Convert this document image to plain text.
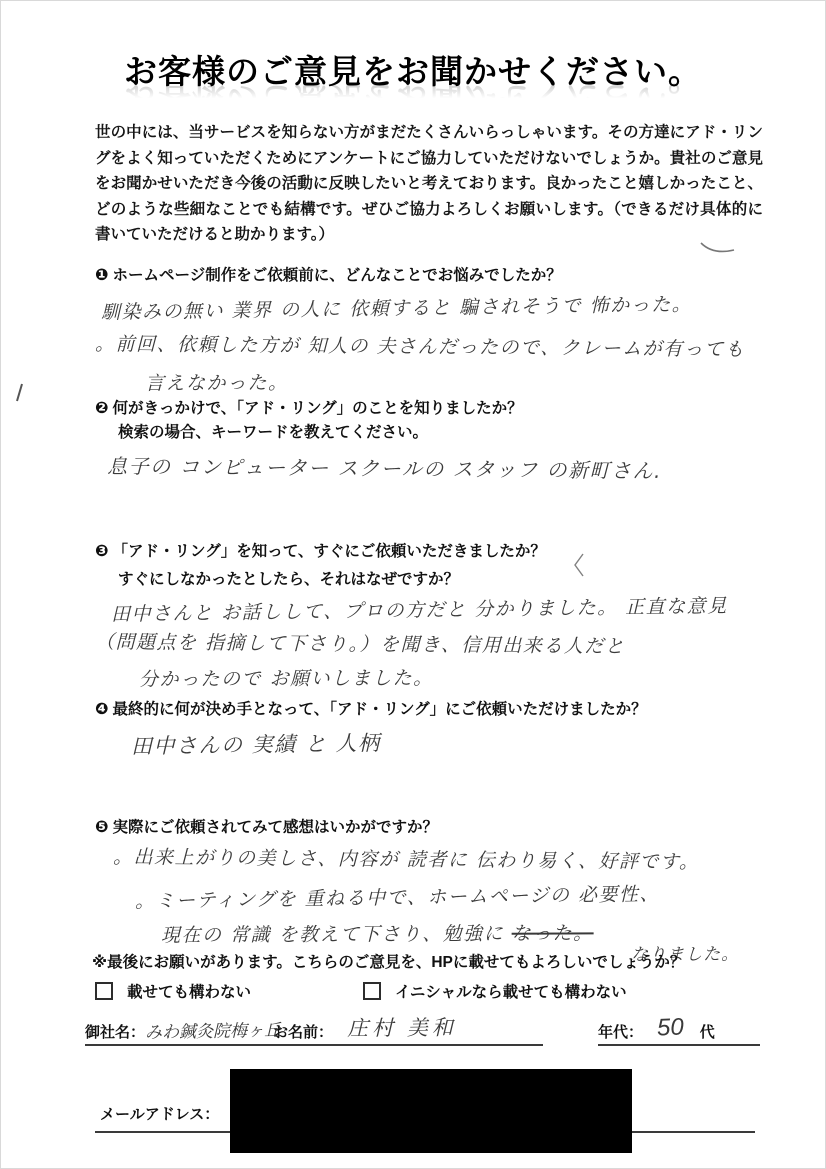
お客様のご意見をお聞かせください。
世の中には、当サービスを知らない方がまだたくさんいらっしゃいます。その方達にアド・リングをよく知っていただくためにアンケートにご協力していただけないでしょうか。貴社のご意見をお聞かせいただき今後の活動に反映したいと考えております。良かったこと嬉しかったこと、どのような些細なことでも結構です。ぜひご協力よろしくお願いします。（できるだけ具体的に書いていただけると助かります。）
❶ ホームページ制作をご依頼前に、どんなことでお悩みでしたか？
馴染みの無い 業界 の人に 依頼すると 騙されそうで 怖かった。
。前回、依頼した方が 知人の 夫さんだったので、クレームが有っても
言えなかった。
❷ 何がきっかけで、「アド・リング」のことを知りましたか？
検索の場合、キーワードを教えてください。
息子の コンピューター スクールの スタッフ の新町さん.
❸ 「アド・リング」を知って、すぐにご依頼いただきましたか？
すぐにしなかったとしたら、それはなぜですか？
田中さんと お話しして、プロの方だと 分かりました。 正直な意見
（問題点を 指摘して下さり。）を聞き、信用出来る人だと
分かったので お願いしました。
❹ 最終的に何が決め手となって、「アド・リング」にご依頼いただけましたか？
田中さんの 実績 と 人柄
❺ 実際にご依頼されてみて感想はいかがですか？
。出来上がりの美しさ、内容が 読者に 伝わり易く、好評です。
。ミーティングを 重ねる中で、ホームページの 必要性、
現在の 常識 を教えて下さり、勉強に なった。
なりました。
※最後にお願いがあります。こちらのご意見を、HPに載せてもよろしいでしょうか？
載せても構わない	イニシャルなら載せても構わない
御社名： みわ鍼灸院梅ヶ丘
お名前： 庄村 美和	年代： 50 代
メールアドレス：
